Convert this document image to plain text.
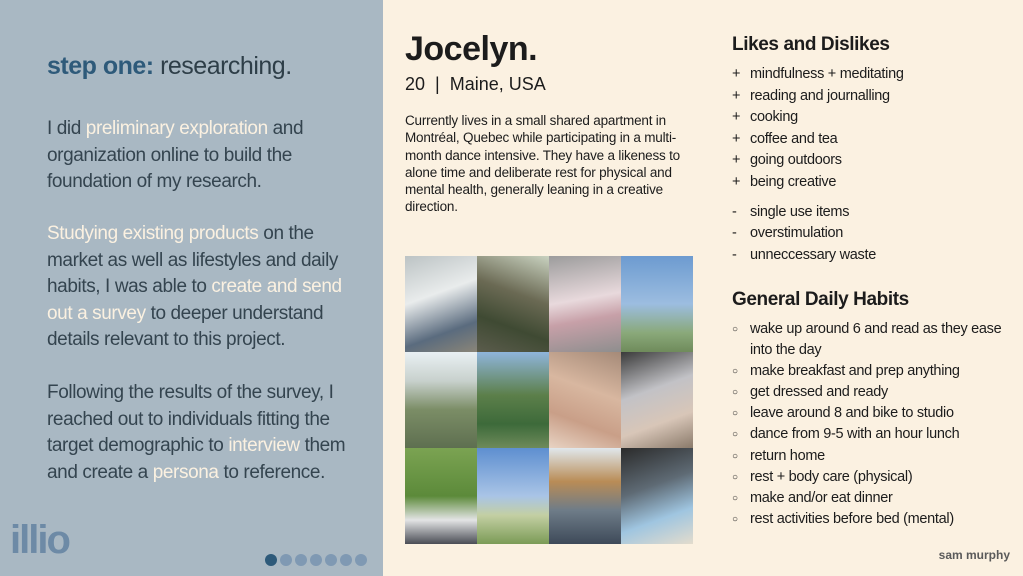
step one: researching.

I did preliminary exploration and organization online to build the foundation of my research.

Studying existing products on the market as well as lifestyles and daily habits, I was able to create and send out a survey to deeper understand details relevant to this project.

Following the results of the survey, I reached out to individuals fitting the target demographic to interview them and create a persona to reference.

illio
Jocelyn.
20  |  Maine, USA

Currently lives in a small shared apartment in Montréal, Quebec while participating in a multi-month dance intensive. They have a likeness to alone time and deliberate rest for physical and mental health, generally leaning in a creative direction.

Likes and Dislikes
+ mindfulness + meditating
+ reading and journalling
+ cooking
+ coffee and tea
+ going outdoors
+ being creative
- single use items
- overstimulation
- unneccessary waste
General Daily Habits
○ wake up around 6 and read as they ease into the day
○ make breakfast and prep anything
○ get dressed and ready
○ leave around 8 and bike to studio
○ dance from 9-5 with an hour lunch
○ return home
○ rest + body care (physical)
○ make and/or eat dinner
○ rest activities before bed (mental)
sam murphy
